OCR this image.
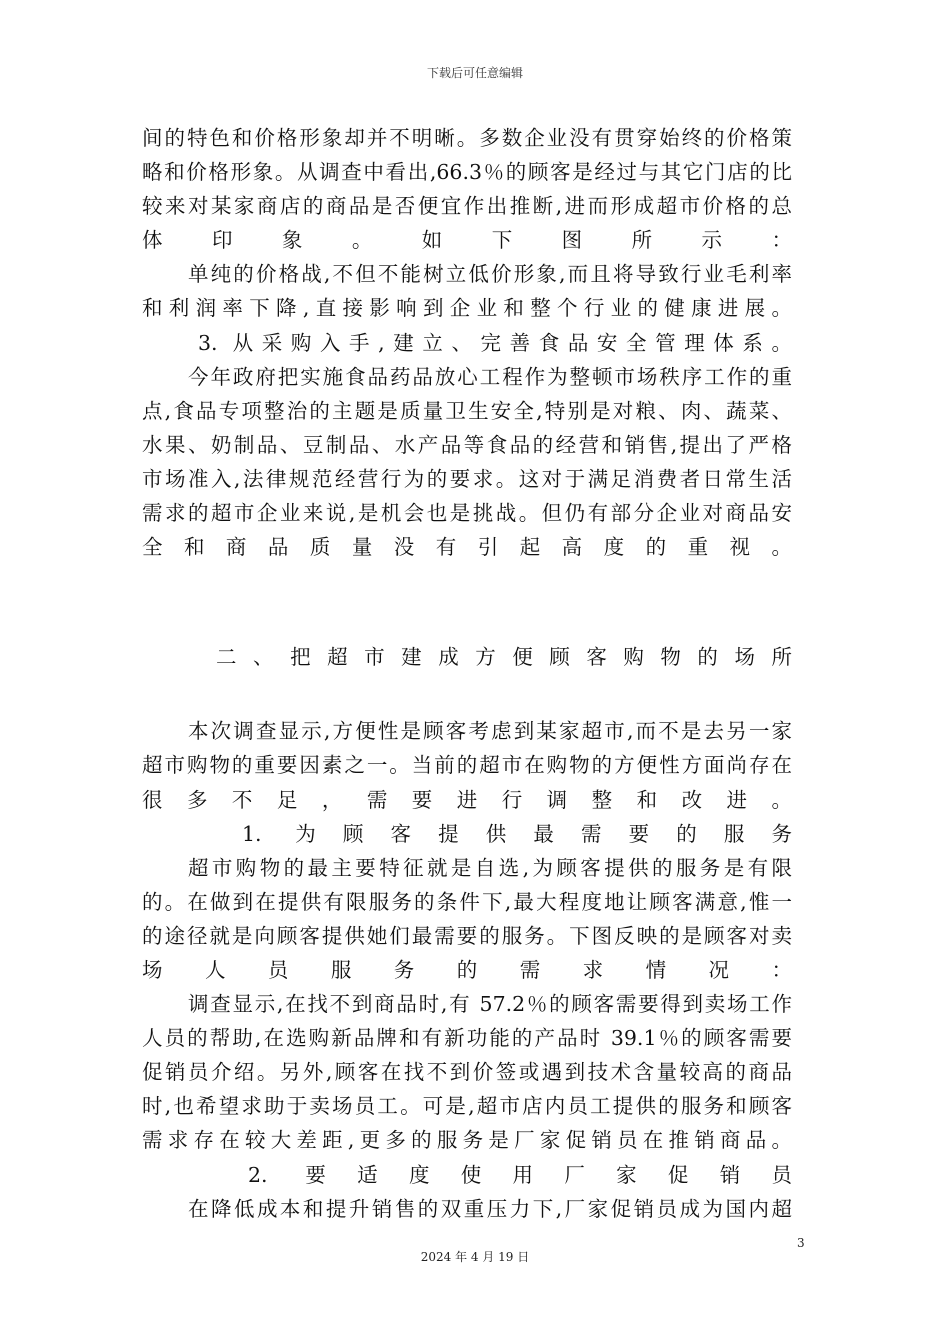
下载后可任意编辑
间的特色和价格形象却并不明晰。多数企业没有贯穿始终的价格策
略和价格形象。从调查中看出,66.3％的顾客是经过与其它门店的比
较来对某家商店的商品是否便宜作出推断,进而形成超市价格的总
体印象。如下图所示：
单纯的价格战,不但不能树立低价形象,而且将导致行业毛利率
和利润率下降,直接影响到企业和整个行业的健康进展。
3. 从采购入手,建立、完善食品安全管理体系。
今年政府把实施食品药品放心工程作为整顿市场秩序工作的重
点,食品专项整治的主题是质量卫生安全,特别是对粮、肉、蔬菜、
水果、奶制品、豆制品、水产品等食品的经营和销售,提出了严格
市场准入,法律规范经营行为的要求。这对于满足消费者日常生活
需求的超市企业来说,是机会也是挑战。但仍有部分企业对商品安
全和商品质量没有引起高度的重视。
二、把超市建成方便顾客购物的场所
本次调查显示,方便性是顾客考虑到某家超市,而不是去另一家
超市购物的重要因素之一。当前的超市在购物的方便性方面尚存在
很多不足，需要进行调整和改进。
1. 为顾客提供最需要的服务
超市购物的最主要特征就是自选,为顾客提供的服务是有限
的。在做到在提供有限服务的条件下,最大程度地让顾客满意,惟一
的途径就是向顾客提供她们最需要的服务。下图反映的是顾客对卖
场人员服务的需求情况：
调查显示,在找不到商品时,有 57.2％的顾客需要得到卖场工作
人员的帮助,在选购新品牌和有新功能的产品时 39.1％的顾客需要
促销员介绍。另外,顾客在找不到价签或遇到技术含量较高的商品
时,也希望求助于卖场员工。可是,超市店内员工提供的服务和顾客
需求存在较大差距,更多的服务是厂家促销员在推销商品。
2. 要适度使用厂家促销员
在降低成本和提升销售的双重压力下,厂家促销员成为国内超
3
2024 年 4 月 19 日
